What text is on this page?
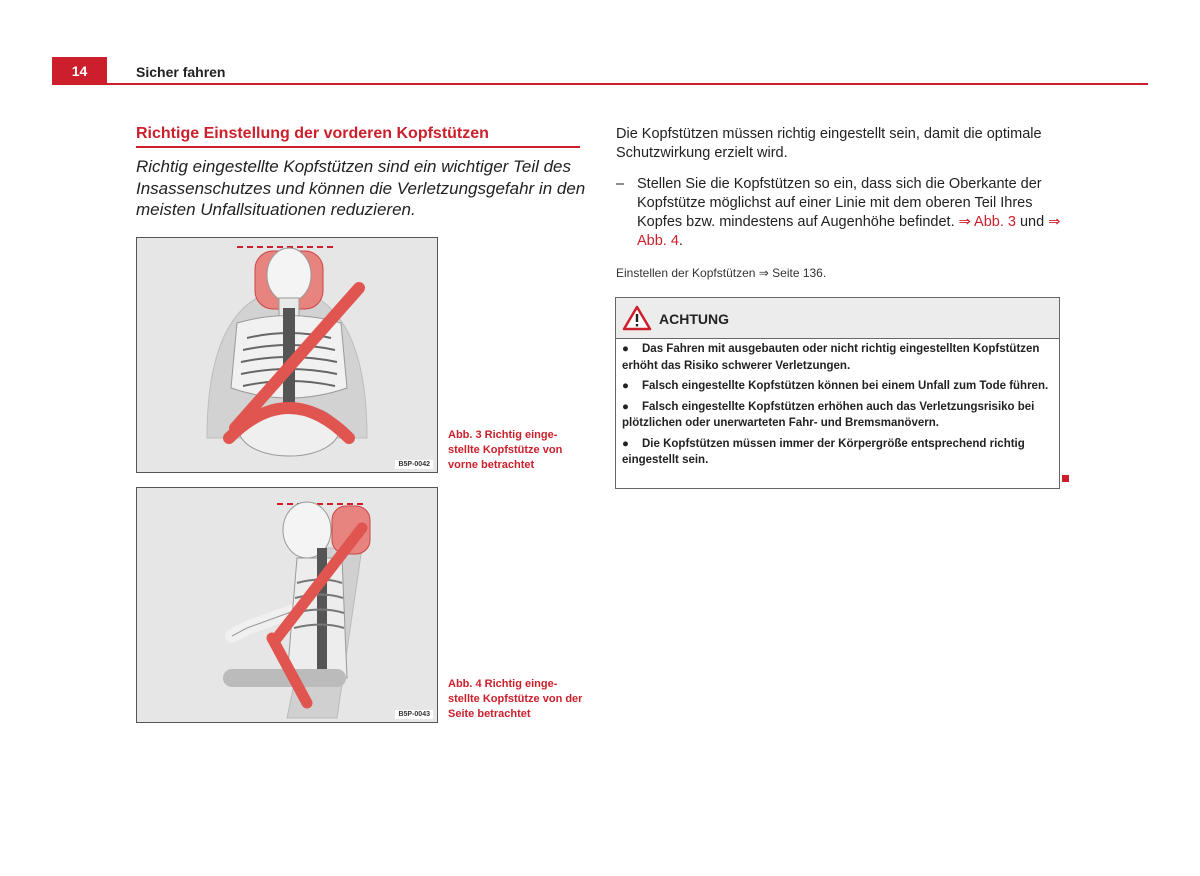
14	Sicher fahren
Richtige Einstellung der vorderen Kopfstützen
Richtig eingestellte Kopfstützen sind ein wichtiger Teil des Insassenschutzes und können die Verletzungsgefahr in den meisten Unfallsituationen reduzieren.
B5P-0042
Abb. 3 Richtig einge-stellte Kopfstütze von vorne betrachtet
B5P-0043
Abb. 4 Richtig einge-stellte Kopfstütze von der Seite betrachtet
Die Kopfstützen müssen richtig eingestellt sein, damit die optimale Schutzwirkung erzielt wird.
– Stellen Sie die Kopfstützen so ein, dass sich die Oberkante der Kopfstütze möglichst auf einer Linie mit dem oberen Teil Ihres Kopfes bzw. mindestens auf Augenhöhe befindet. ⇒ Abb. 3 und ⇒ Abb. 4.
Einstellen der Kopfstützen ⇒ Seite 136.
ACHTUNG
● Das Fahren mit ausgebauten oder nicht richtig eingestellten Kopfstützen erhöht das Risiko schwerer Verletzungen.
● Falsch eingestellte Kopfstützen können bei einem Unfall zum Tode führen.
● Falsch eingestellte Kopfstützen erhöhen auch das Verletzungsrisiko bei plötzlichen oder unerwarteten Fahr- und Bremsmanövern.
● Die Kopfstützen müssen immer der Körpergröße entsprechend richtig eingestellt sein.
